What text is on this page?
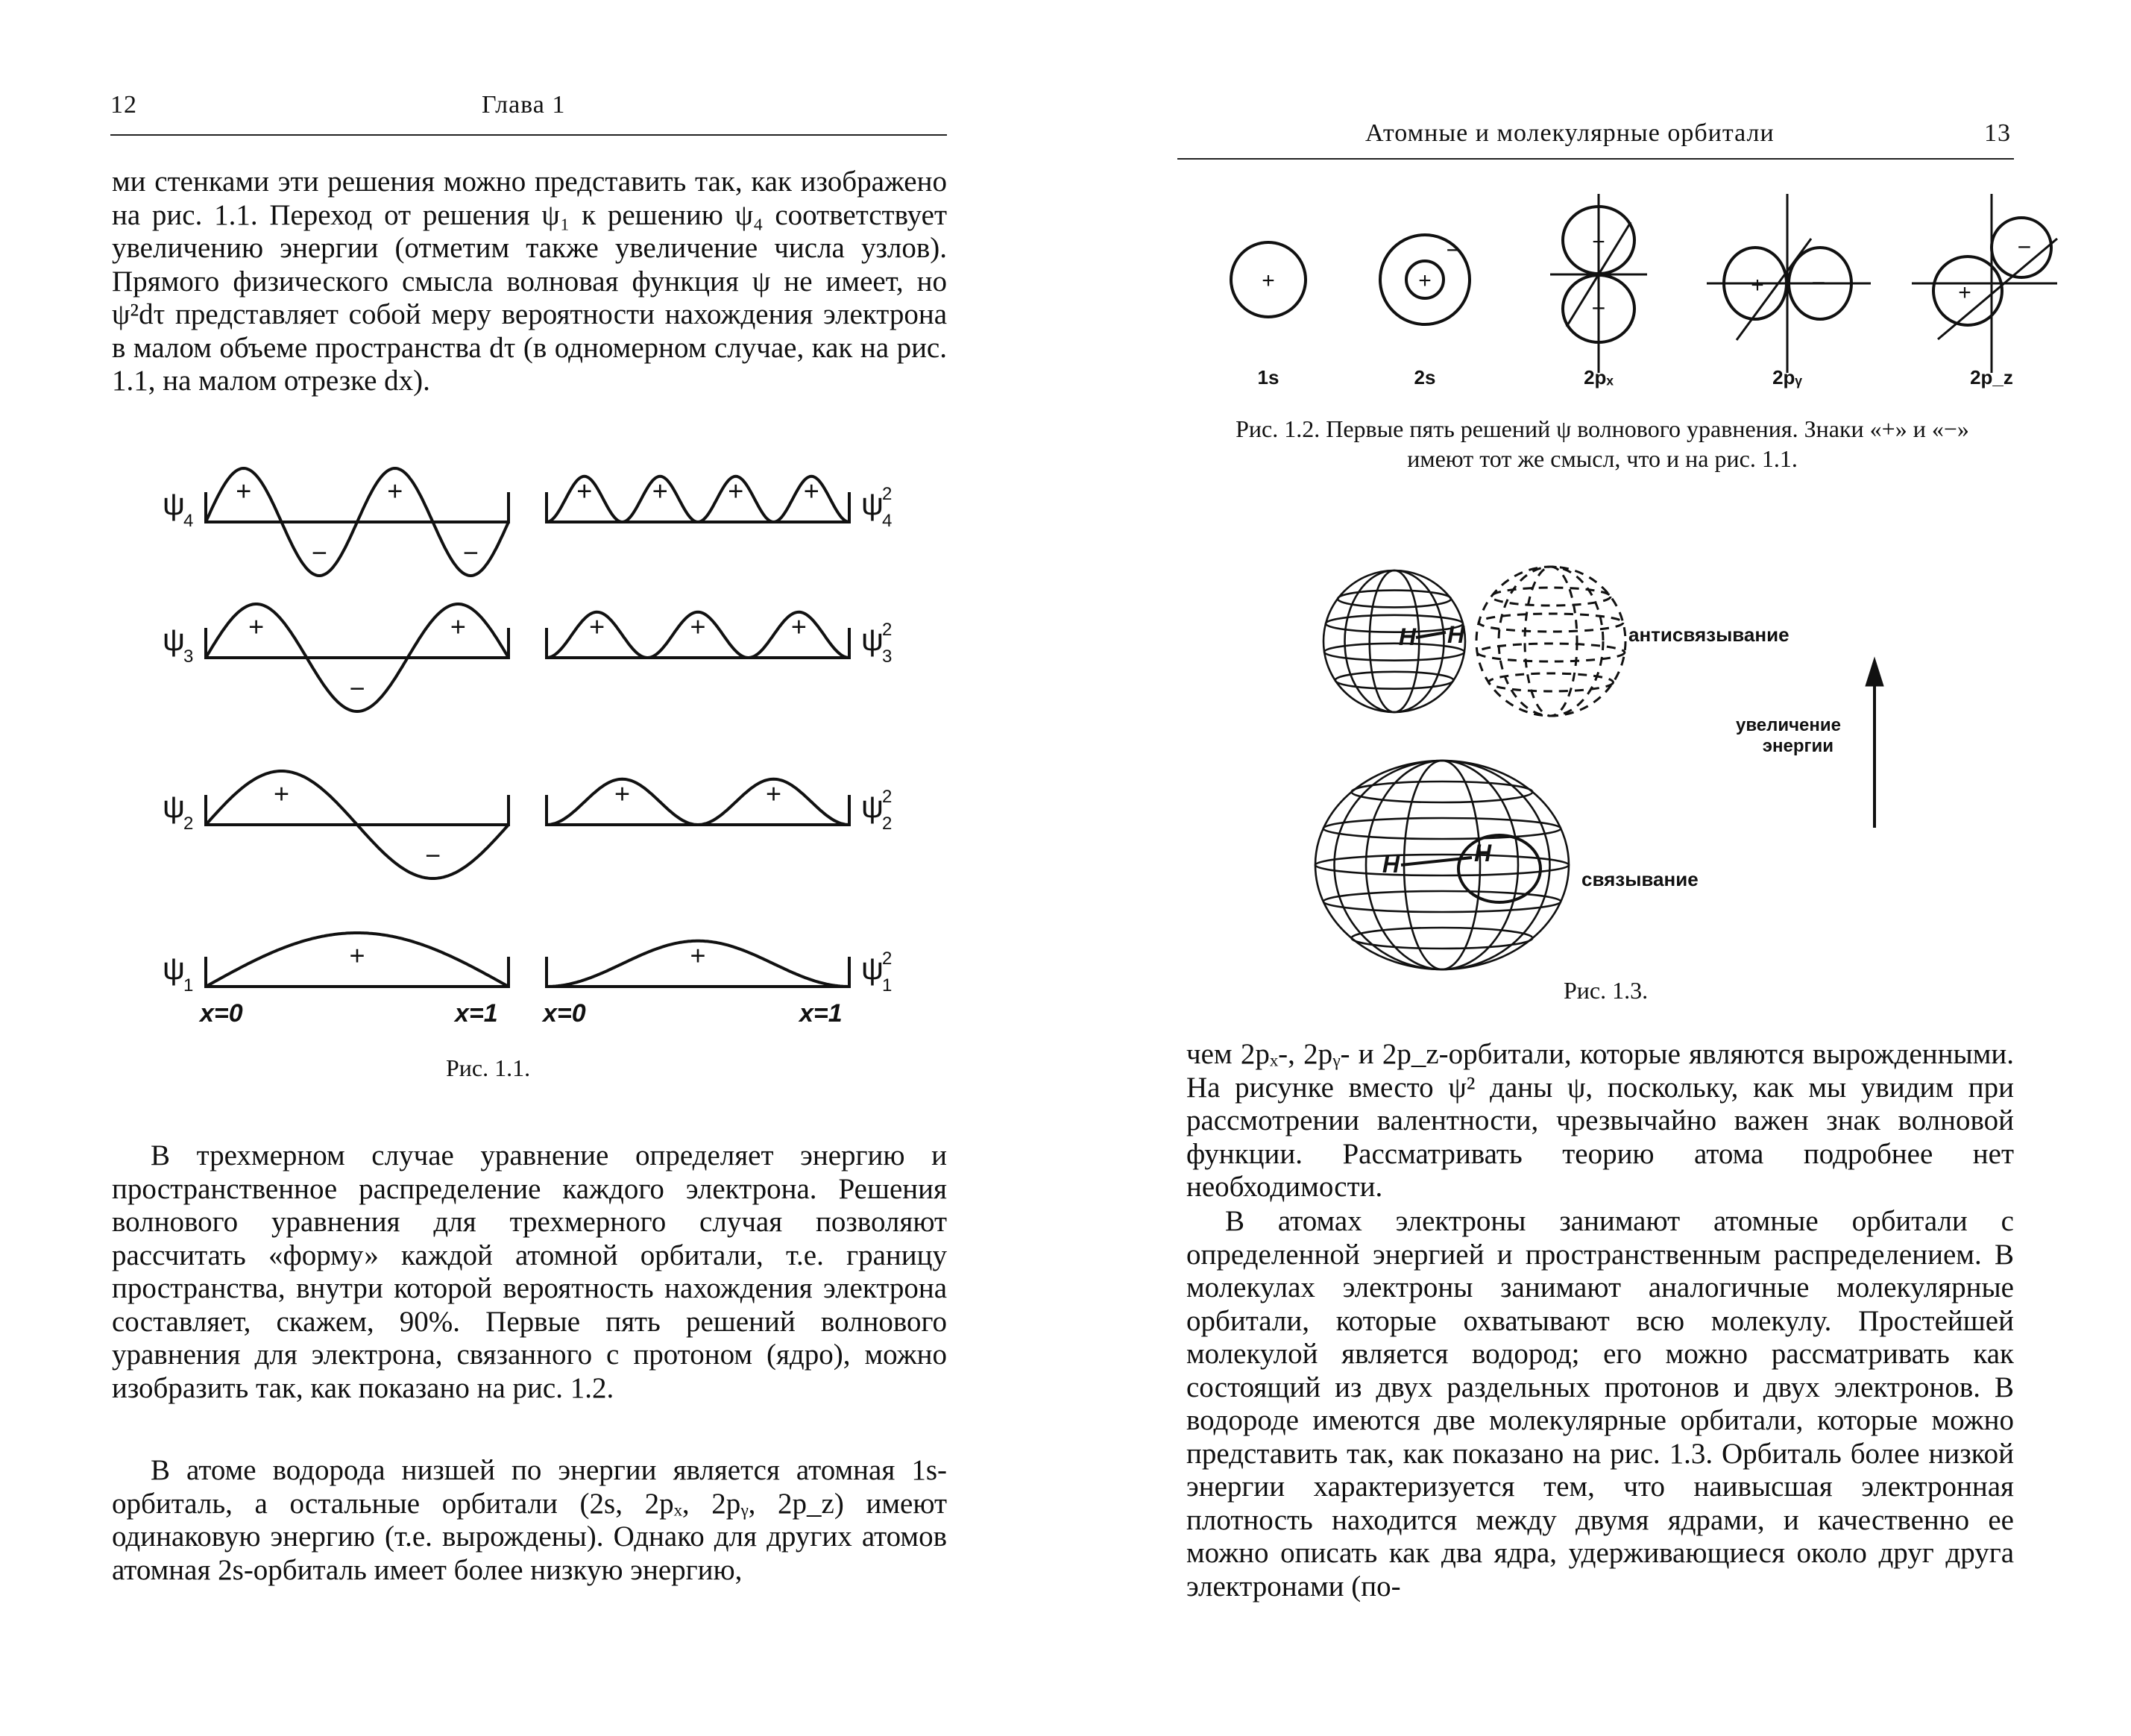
12	Глава 1

ми стенками эти решения можно представить так, как изображено на рис. 1.1. Переход от решения ψ₁ к решению ψ₄ соответствует увеличению энергии (отметим также увеличение числа узлов). Прямого физического смысла волновая функция ψ не имеет, но ψ²dτ представляет собой меру вероятности нахождения электрона в малом объеме пространства dτ (в одномерном случае, как на рис. 1.1, на малом отрезке dx).

+
−
+
−
+ + + +
ψ
4	ψ
2
4
+
−
+	+	+	+
ψ
3	ψ
2
3
+
−
+	+
ψ
2	ψ
2
2
+	+
ψ
1	ψ
2
1
x=0	x=1 x=0	x=1

Рис. 1.1.

В трехмерном случае уравнение определяет энергию и пространственное распределение каждого электрона. Решения волнового уравнения для трехмерного случая позволяют рассчитать «форму» каждой атомной орбитали, т.е. границу пространства, внутри которой вероятность нахождения электрона составляет, скажем, 90%. Первые пять решений волнового уравнения для электрона, связанного с протоном (ядро), можно изобразить так, как показано на рис. 1.2.

В атоме водорода низшей по энергии является атомная 1s-орбиталь, а остальные орбитали (2s, 2pₓ, 2pᵧ, 2p_z) имеют одинаковую энергию (т.е. вырождены). Однако для других атомов атомная 2s-орбиталь имеет более низкую энергию,

Атомные и молекулярные орбитали	13
+	+
−	+
−
+ −	+
−
1s	2s	2pₓ	2pᵧ	2p_z

Рис. 1.2. Первые пять решений ψ волнового уравнения. Знаки «+» и «−» имеют тот же смысл, что и на рис. 1.1.

H H	антисвязывание
увеличение
энергии
H	H
связывание

Рис. 1.3.

чем 2pₓ-, 2pᵧ- и 2p_z-орбитали, которые являются вырожденными. На рисунке вместо ψ² даны ψ, поскольку, как мы увидим при рассмотрении валентности, чрезвычайно важен знак волновой функции. Рассматривать теорию атома подробнее нет необходимости.

В атомах электроны занимают атомные орбитали с определенной энергией и пространственным распределением. В молекулах электроны занимают аналогичные молекулярные орбитали, которые охватывают всю молекулу. Простейшей молекулой является водород; его можно рассматривать как состоящий из двух раздельных протонов и двух электронов. В водороде имеются две молекулярные орбитали, которые можно представить так, как показано на рис. 1.3. Орбиталь более низкой энергии характеризуется тем, что наивысшая электронная плотность находится между двумя ядрами, и качественно ее можно описать как два ядра, удерживающиеся около друг друга электронами (по-
